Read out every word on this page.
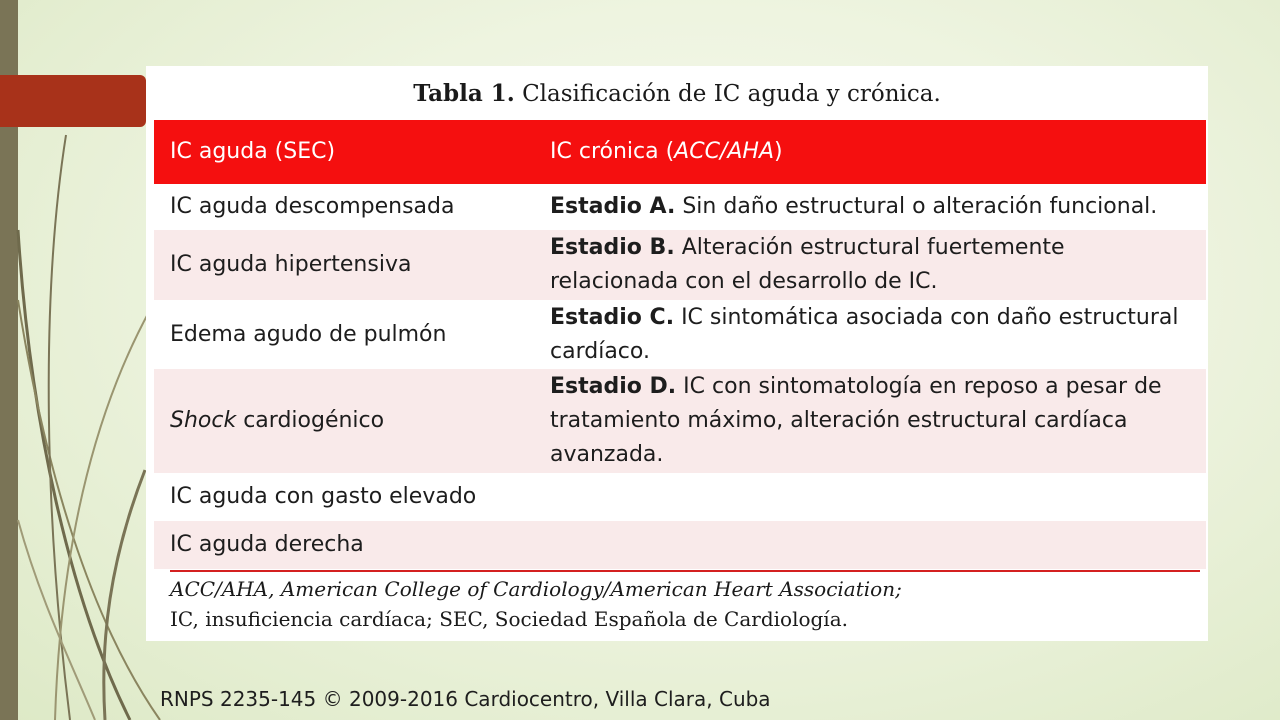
Tabla 1. Clasificación de IC aguda y crónica.
IC aguda (SEC)	IC crónica (ACC/AHA)
IC aguda descompensada	Estadio A. Sin daño estructural o alteración funcional.
IC aguda hipertensiva	Estadio B. Alteración estructural fuertemente relacionada con el desarrollo de IC.
Edema agudo de pulmón	Estadio C. IC sintomática asociada con daño estructural cardíaco.
Shock cardiogénico	Estadio D. IC con sintomatología en reposo a pesar de tratamiento máximo, alteración estructural cardíaca avanzada.
IC aguda con gasto elevado	
IC aguda derecha	
ACC/AHA, American College of Cardiology/American Heart Association;
IC, insuficiencia cardíaca; SEC, Sociedad Española de Cardiología.
RNPS 2235-145 © 2009-2016 Cardiocentro, Villa Clara, Cuba
